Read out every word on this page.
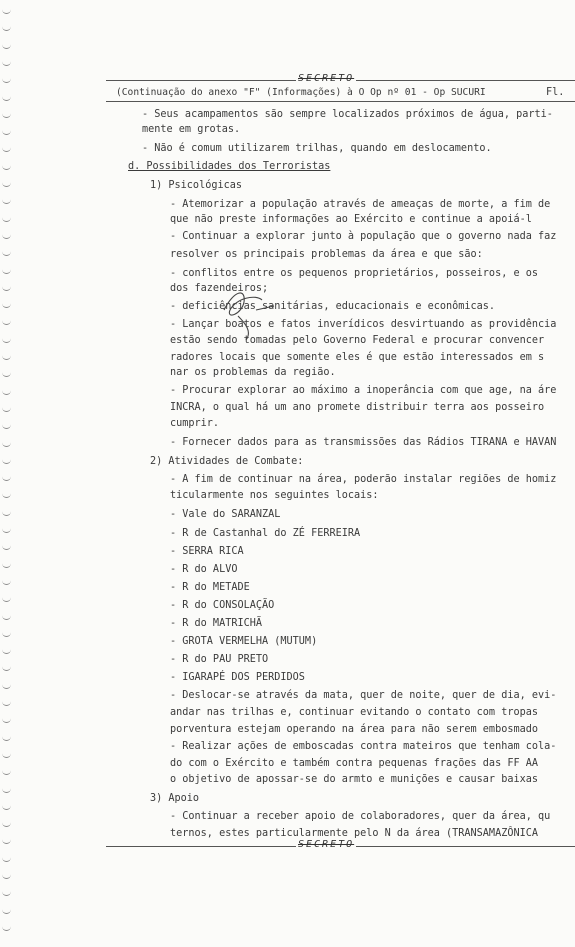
SECRETO
(Continuação do anexo "F" (Informações) à O Op nº 01 - Op SUCURI	Fl.
- Seus acampamentos são sempre localizados próximos de água, parti-
mente em grotas.
- Não é comum utilizarem trilhas, quando em deslocamento.
d. Possibilidades dos Terroristas
1) Psicológicas
- Atemorizar a população através de ameaças de morte, a fim de
que não preste informações ao Exército e continue a apoiá-l
- Continuar a explorar junto à população que o governo nada faz
resolver os principais problemas da área e que são:
- conflitos entre os pequenos proprietários, posseiros, e os
dos fazendeiros;
- deficiências sanitárias, educacionais e econômicas.
- Lançar boatos e fatos inverídicos desvirtuando as providência
estão sendo tomadas pelo Governo Federal e procurar convencer
radores locais que somente eles é que estão interessados em s
nar os problemas da região.
- Procurar explorar ao máximo a inoperância com que age, na áre
INCRA, o qual há um ano promete distribuir terra aos posseiro
cumprir.
- Fornecer dados para as transmissões das Rádios TIRANA e HAVAN
2) Atividades de Combate:
- A fim de continuar na área, poderão instalar regiões de homiz
ticularmente nos seguintes locais:
- Vale do SARANZAL
- R de Castanhal do ZÉ FERREIRA
- SERRA RICA
- R do ALVO
- R do METADE
- R do CONSOLAÇÃO
- R do MATRICHÃ
- GROTA VERMELHA (MUTUM)
- R do PAU PRETO
- IGARAPÉ DOS PERDIDOS
- Deslocar-se através da mata, quer de noite, quer de dia, evi-
andar nas trilhas e, continuar evitando o contato com tropas
porventura estejam operando na área para não serem embosmado
- Realizar ações de emboscadas contra mateiros que tenham cola-
do com o Exército e também contra pequenas frações das FF AA
o objetivo de apossar-se do armto e munições e causar baixas
3) Apoio
- Continuar a receber apoio de colaboradores, quer da área, qu
ternos, estes particularmente pelo N da área (TRANSAMAZÔNICA
SECRETO
